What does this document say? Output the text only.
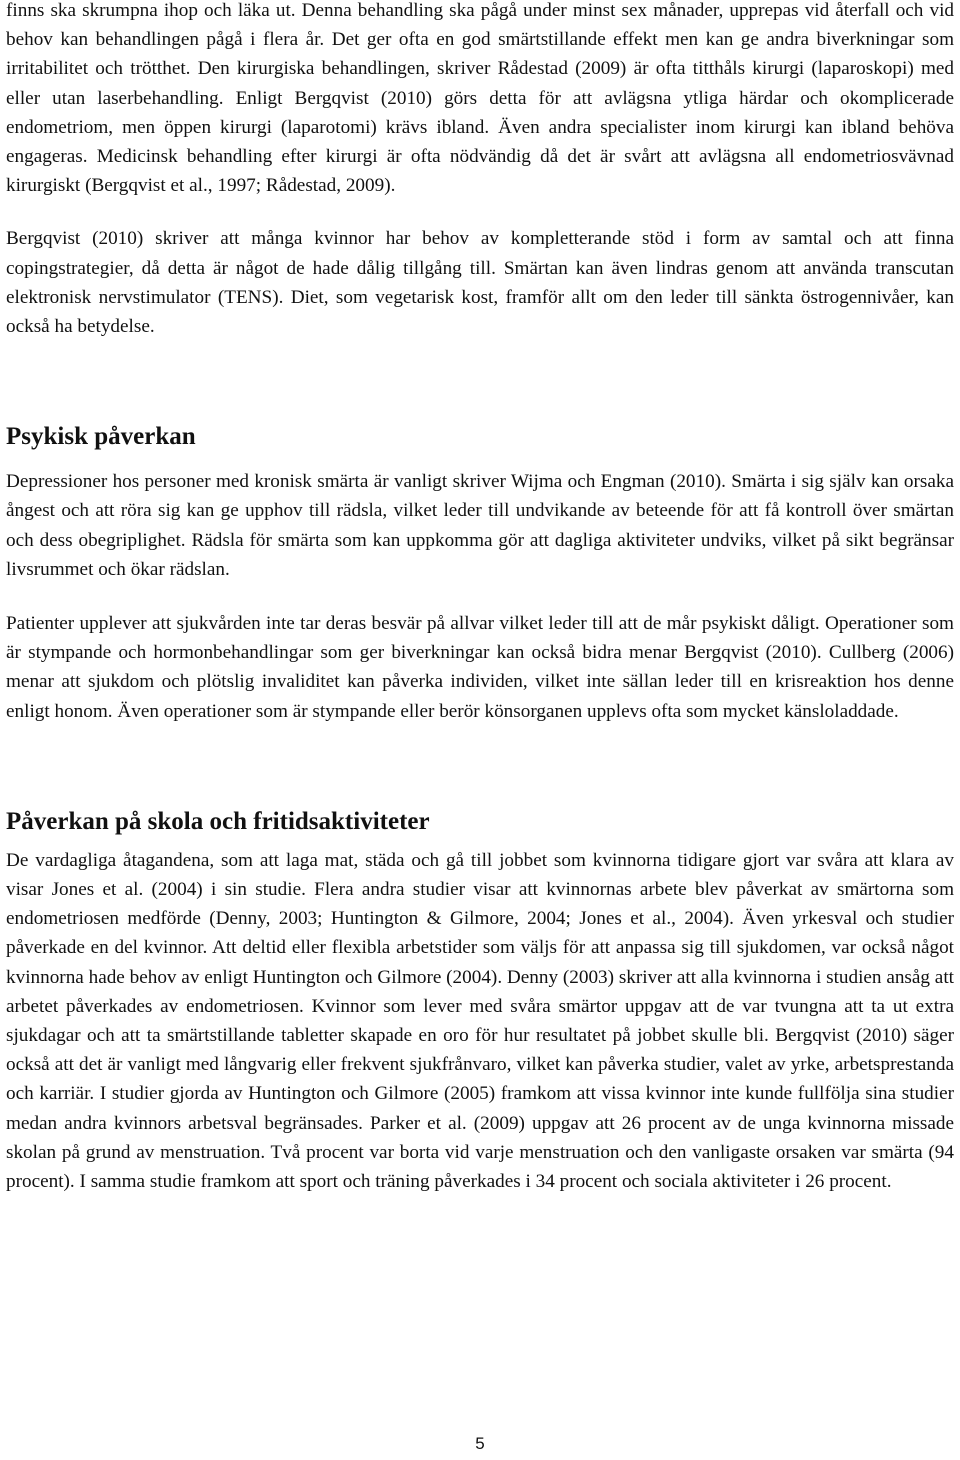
finns ska skrumpna ihop och läka ut. Denna behandling ska pågå under minst sex månader, upprepas vid återfall och vid behov kan behandlingen pågå i flera år. Det ger ofta en god smärtstillande effekt men kan ge andra biverkningar som irritabilitet och trötthet. Den kirurgiska behandlingen, skriver Rådestad (2009) är ofta titthåls kirurgi (laparoskopi) med eller utan laserbehandling. Enligt Bergqvist (2010) görs detta för att avlägsna ytliga härdar och okomplicerade endometriom, men öppen kirurgi (laparotomi) krävs ibland. Även andra specialister inom kirurgi kan ibland behöva engageras. Medicinsk behandling efter kirurgi är ofta nödvändig då det är svårt att avlägsna all endometriosvävnad kirurgiskt (Bergqvist et al., 1997; Rådestad, 2009).

Bergqvist (2010) skriver att många kvinnor har behov av kompletterande stöd i form av samtal och att finna copingstrategier, då detta är något de hade dålig tillgång till. Smärtan kan även lindras genom att använda transcutan elektronisk nervstimulator (TENS). Diet, som vegetarisk kost, framför allt om den leder till sänkta östrogennivåer, kan också ha betydelse.

Psykisk påverkan

Depressioner hos personer med kronisk smärta är vanligt skriver Wijma och Engman (2010). Smärta i sig själv kan orsaka ångest och att röra sig kan ge upphov till rädsla, vilket leder till undvikande av beteende för att få kontroll över smärtan och dess obegriplighet. Rädsla för smärta som kan uppkomma gör att dagliga aktiviteter undviks, vilket på sikt begränsar livsrummet och ökar rädslan.

Patienter upplever att sjukvården inte tar deras besvär på allvar vilket leder till att de mår psykiskt dåligt. Operationer som är stympande och hormonbehandlingar som ger biverkningar kan också bidra menar Bergqvist (2010). Cullberg (2006) menar att sjukdom och plötslig invaliditet kan påverka individen, vilket inte sällan leder till en krisreaktion hos denne enligt honom. Även operationer som är stympande eller berör könsorganen upplevs ofta som mycket känsloladdade.

Påverkan på skola och fritidsaktiviteter

De vardagliga åtagandena, som att laga mat, städa och gå till jobbet som kvinnorna tidigare gjort var svåra att klara av visar Jones et al. (2004) i sin studie. Flera andra studier visar att kvinnornas arbete blev påverkat av smärtorna som endometriosen medförde (Denny, 2003; Huntington & Gilmore, 2004; Jones et al., 2004). Även yrkesval och studier påverkade en del kvinnor. Att deltid eller flexibla arbetstider som väljs för att anpassa sig till sjukdomen, var också något kvinnorna hade behov av enligt Huntington och Gilmore (2004). Denny (2003) skriver att alla kvinnorna i studien ansåg att arbetet påverkades av endometriosen. Kvinnor som lever med svåra smärtor uppgav att de var tvungna att ta ut extra sjukdagar och att ta smärtstillande tabletter skapade en oro för hur resultatet på jobbet skulle bli. Bergqvist (2010) säger också att det är vanligt med långvarig eller frekvent sjukfrånvaro, vilket kan påverka studier, valet av yrke, arbetsprestanda och karriär. I studier gjorda av Huntington och Gilmore (2005) framkom att vissa kvinnor inte kunde fullfölja sina studier medan andra kvinnors arbetsval begränsades. Parker et al. (2009) uppgav att 26 procent av de unga kvinnorna missade skolan på grund av menstruation. Två procent var borta vid varje menstruation och den vanligaste orsaken var smärta (94 procent). I samma studie framkom att sport och träning påverkades i 34 procent och sociala aktiviteter i 26 procent.

5
